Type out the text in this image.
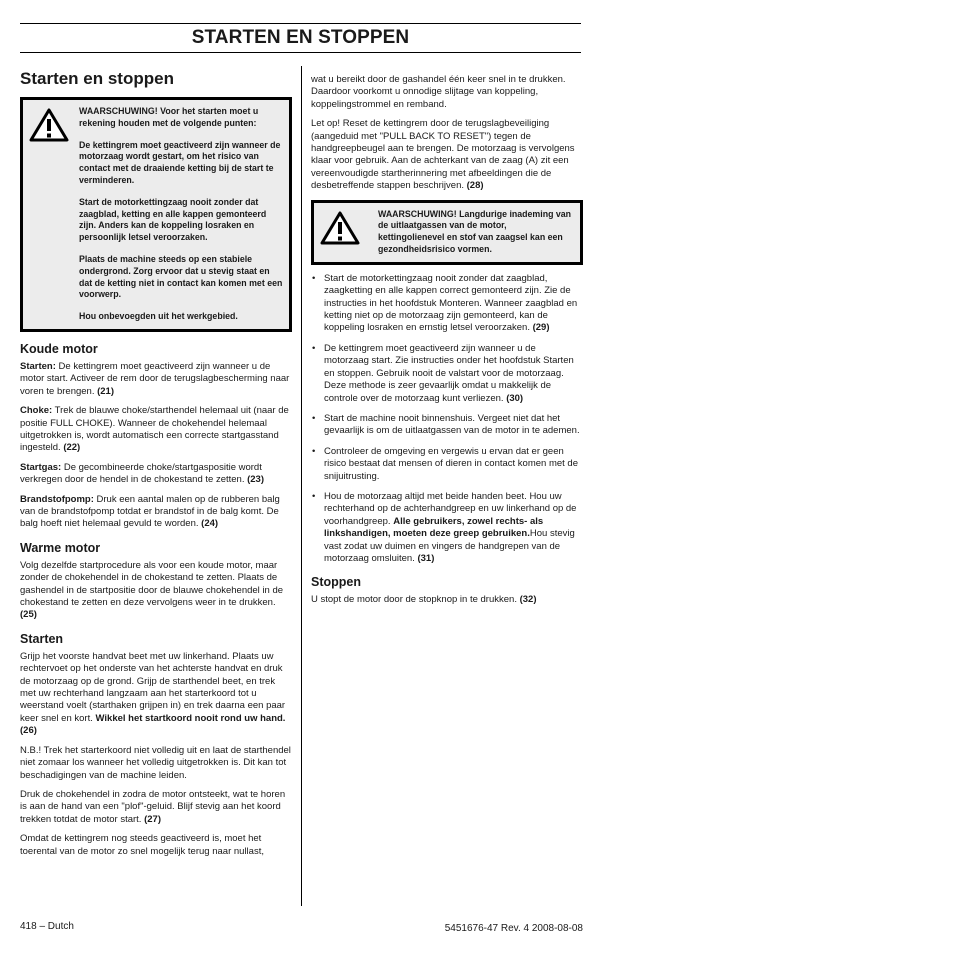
STARTEN EN STOPPEN
Starten en stoppen

WAARSCHUWING! Voor het starten moet u rekening houden met de volgende punten:

De kettingrem moet geactiveerd zijn wanneer de motorzaag wordt gestart, om het risico van contact met de draaiende ketting bij de start te verminderen.

Start de motorkettingzaag nooit zonder dat zaagblad, ketting en alle kappen gemonteerd zijn. Anders kan de koppeling losraken en persoonlijk letsel veroorzaken.

Plaats de machine steeds op een stabiele ondergrond. Zorg ervoor dat u stevig staat en dat de ketting niet in contact kan komen met een voorwerp.

Hou onbevoegden uit het werkgebied.

Koude motor

Starten: De kettingrem moet geactiveerd zijn wanneer u de motor start. Activeer de rem door de terugslagbescherming naar voren te brengen. (21)

Choke: Trek de blauwe choke/starthendel helemaal uit (naar de positie FULL CHOKE). Wanneer de chokehendel helemaal uitgetrokken is, wordt automatisch een correcte startgasstand ingesteld. (22)

Startgas: De gecombineerde choke/startgaspositie wordt verkregen door de hendel in de chokestand te zetten. (23)

Brandstofpomp: Druk een aantal malen op de rubberen balg van de brandstofpomp totdat er brandstof in de balg komt. De balg hoeft niet helemaal gevuld te worden. (24)

Warme motor

Volg dezelfde startprocedure als voor een koude motor, maar zonder de chokehendel in de chokestand te zetten. Plaats de gashendel in de startpositie door de blauwe chokehendel in de chokestand te zetten en deze vervolgens weer in te drukken. (25)

Starten

Grijp het voorste handvat beet met uw linkerhand. Plaats uw rechtervoet op het onderste van het achterste handvat en druk de motorzaag op de grond. Grijp de starthendel beet, en trek met uw rechterhand langzaam aan het starterkoord tot u weerstand voelt (starthaken grijpen in) en trek daarna een paar keer snel en kort. Wikkel het startkoord nooit rond uw hand. (26)

N.B.! Trek het starterkoord niet volledig uit en laat de starthendel niet zomaar los wanneer het volledig uitgetrokken is. Dit kan tot beschadigingen van de machine leiden.

Druk de chokehendel in zodra de motor ontsteekt, wat te horen is aan de hand van een "plof"-geluid. Blijf stevig aan het koord trekken totdat de motor start. (27)

Omdat de kettingrem nog steeds geactiveerd is, moet het toerental van de motor zo snel mogelijk terug naar nullast,

wat u bereikt door de gashandel één keer snel in te drukken. Daardoor voorkomt u onnodige slijtage van koppeling, koppelingstrommel en remband.

Let op! Reset de kettingrem door de terugslagbeveiliging (aangeduid met "PULL BACK TO RESET") tegen de handgreepbeugel aan te brengen. De motorzaag is vervolgens klaar voor gebruik. Aan de achterkant van de zaag (A) zit een vereenvoudigde startherinnering met afbeeldingen die de desbetreffende stappen beschrijven. (28)

WAARSCHUWING! Langdurige inademing van de uitlaatgassen van de motor, kettingolienevel en stof van zaagsel kan een gezondheidsrisico vormen.

• Start de motorkettingzaag nooit zonder dat zaagblad, zaagketting en alle kappen correct gemonteerd zijn. Zie de instructies in het hoofdstuk Monteren. Wanneer zaagblad en ketting niet op de motorzaag zijn gemonteerd, kan de koppeling losraken en ernstig letsel veroorzaken. (29)
• De kettingrem moet geactiveerd zijn wanneer u de motorzaag start. Zie instructies onder het hoofdstuk Starten en stoppen. Gebruik nooit de valstart voor de motorzaag. Deze methode is zeer gevaarlijk omdat u makkelijk de controle over de motorzaag kunt verliezen. (30)
• Start de machine nooit binnenshuis. Vergeet niet dat het gevaarlijk is om de uitlaatgassen van de motor in te ademen.
• Controleer de omgeving en vergewis u ervan dat er geen risico bestaat dat mensen of dieren in contact komen met de snijuitrusting.
• Hou de motorzaag altijd met beide handen beet. Hou uw rechterhand op de achterhandgreep en uw linkerhand op de voorhandgreep. Alle gebruikers, zowel rechts- als linkshandigen, moeten deze greep gebruiken.Hou stevig vast zodat uw duimen en vingers de handgrepen van de motorzaag omsluiten. (31)
Stoppen

U stopt de motor door de stopknop in te drukken. (32)

418 – Dutch	5451676-47 Rev. 4 2008-08-08
